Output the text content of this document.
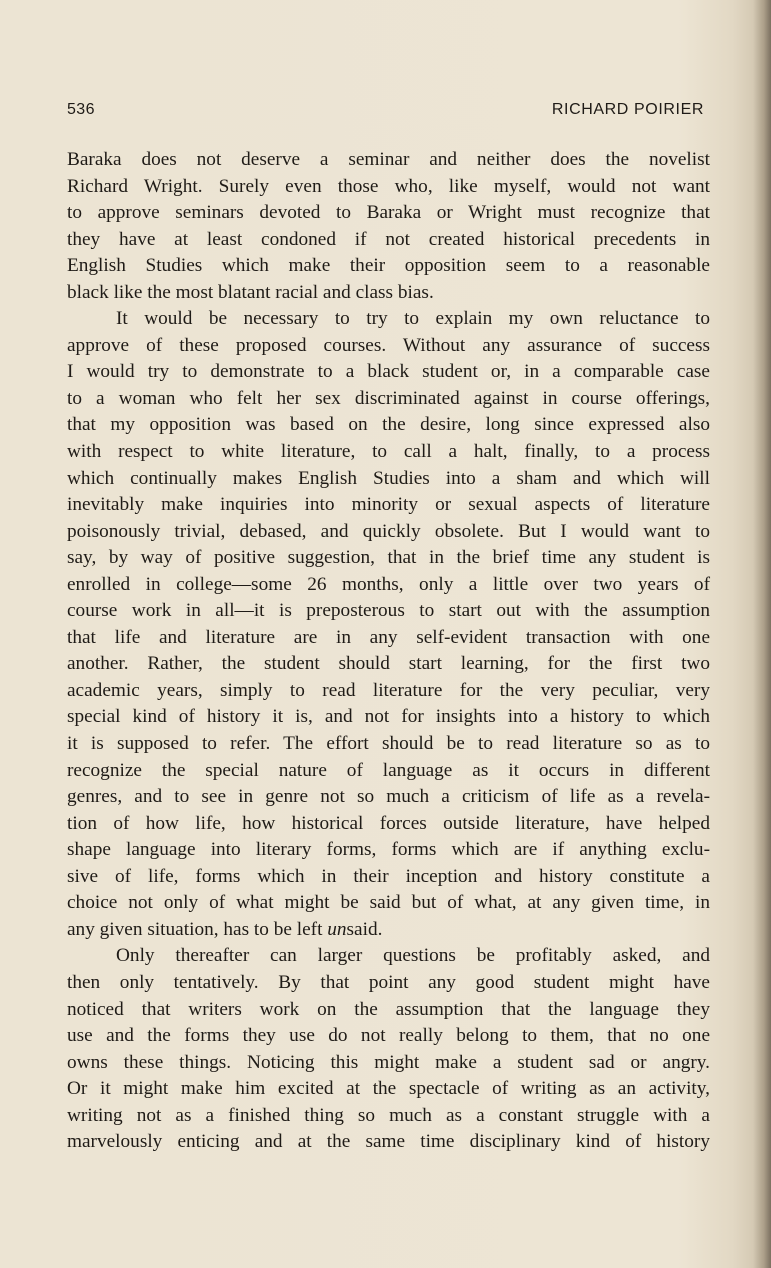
536	RICHARD POIRIER
Baraka does not deserve a seminar and neither does the novelist
Richard Wright. Surely even those who, like myself, would not want
to approve seminars devoted to Baraka or Wright must recognize that
they have at least condoned if not created historical precedents in
English Studies which make their opposition seem to a reasonable
black like the most blatant racial and class bias.
It would be necessary to try to explain my own reluctance to
approve of these proposed courses. Without any assurance of success
I would try to demonstrate to a black student or, in a comparable case
to a woman who felt her sex discriminated against in course offerings,
that my opposition was based on the desire, long since expressed also
with respect to white literature, to call a halt, finally, to a process
which continually makes English Studies into a sham and which will
inevitably make inquiries into minority or sexual aspects of literature
poisonously trivial, debased, and quickly obsolete. But I would want to
say, by way of positive suggestion, that in the brief time any student is
enrolled in college—some 26 months, only a little over two years of
course work in all—it is preposterous to start out with the assumption
that life and literature are in any self-evident transaction with one
another. Rather, the student should start learning, for the first two
academic years, simply to read literature for the very peculiar, very
special kind of history it is, and not for insights into a history to which
it is supposed to refer. The effort should be to read literature so as to
recognize the special nature of language as it occurs in different
genres, and to see in genre not so much a criticism of life as a revela-
tion of how life, how historical forces outside literature, have helped
shape language into literary forms, forms which are if anything exclu-
sive of life, forms which in their inception and history constitute a
choice not only of what might be said but of what, at any given time, in
any given situation, has to be left unsaid.
Only thereafter can larger questions be profitably asked, and
then only tentatively. By that point any good student might have
noticed that writers work on the assumption that the language they
use and the forms they use do not really belong to them, that no one
owns these things. Noticing this might make a student sad or angry.
Or it might make him excited at the spectacle of writing as an activity,
writing not as a finished thing so much as a constant struggle with a
marvelously enticing and at the same time disciplinary kind of history
